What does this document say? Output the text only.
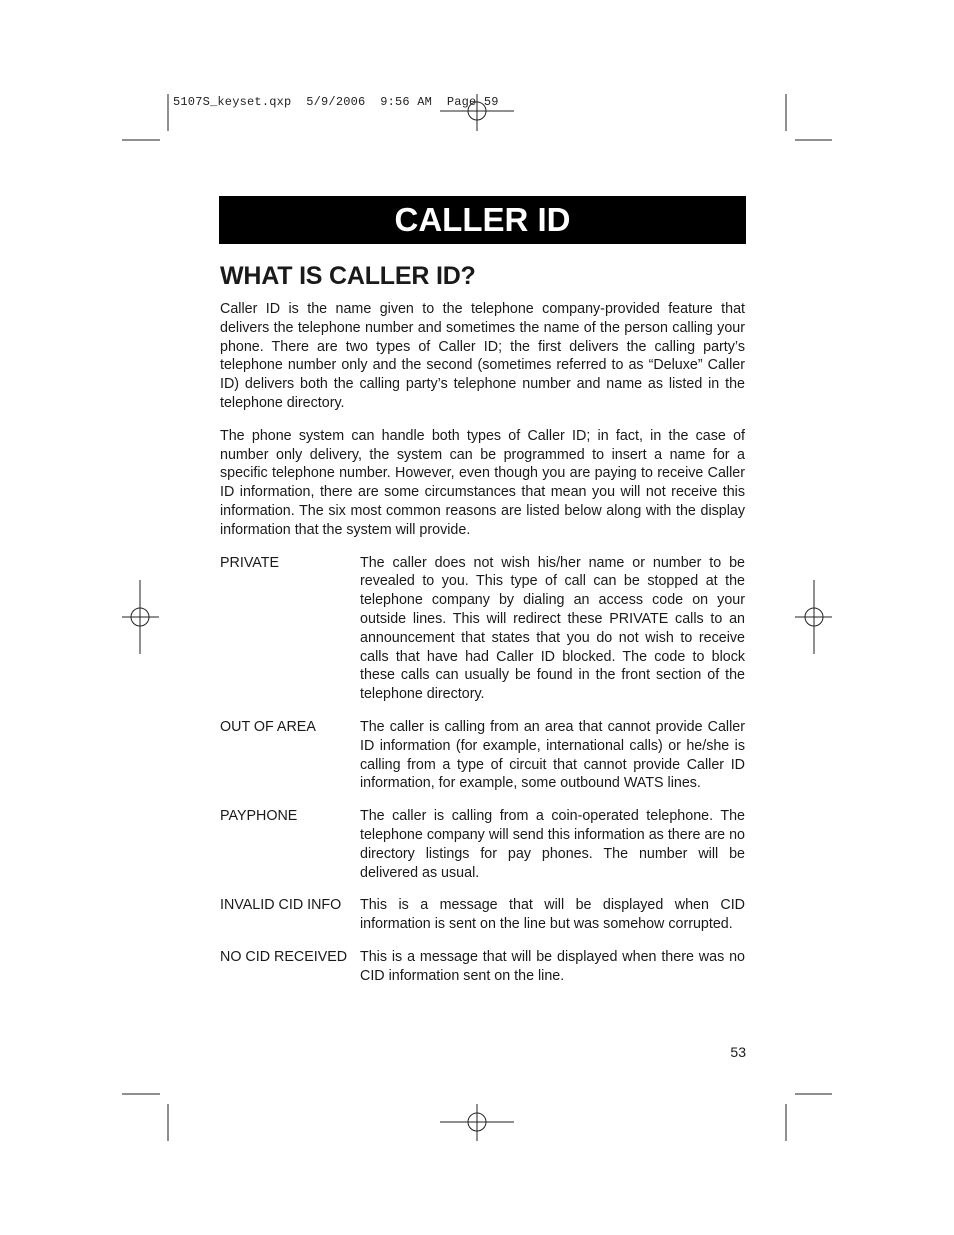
5107S_keyset.qxp  5/9/2006  9:56 AM  Page 59
CALLER ID
WHAT IS CALLER ID?

Caller ID is the name given to the telephone company-provided feature that delivers the telephone number and sometimes the name of the person calling your phone. There are two types of Caller ID; the first delivers the calling party’s telephone number only and the second (sometimes referred to as “Deluxe” Caller ID) delivers both the calling party’s telephone number and name as listed in the telephone directory.

The phone system can handle both types of Caller ID; in fact, in the case of number only delivery, the system can be programmed to insert a name for a specific telephone number. However, even though you are paying to receive Caller ID information, there are some circumstances that mean you will not receive this information. The six most common reasons are listed below along with the display information that the system will provide.

PRIVATE	The caller does not wish his/her name or number to be revealed to you. This type of call can be stopped at the telephone company by dialing an access code on your outside lines. This will redirect these PRIVATE calls to an announcement that states that you do not wish to receive calls that have had Caller ID blocked. The code to block these calls can usually be found in the front section of the telephone directory.
OUT OF AREA	The caller is calling from an area that cannot provide Caller ID information (for example, international calls) or he/she is calling from a type of circuit that cannot provide Caller ID information, for example, some outbound WATS lines.
PAYPHONE	The caller is calling from a coin-operated telephone. The telephone company will send this information as there are no directory listings for pay phones. The number will be delivered as usual.
INVALID CID INFO	This is a message that will be displayed when CID information is sent on the line but was somehow corrupted.
NO CID RECEIVED This is a message that will be displayed when there was no CID information sent on the line.
53
